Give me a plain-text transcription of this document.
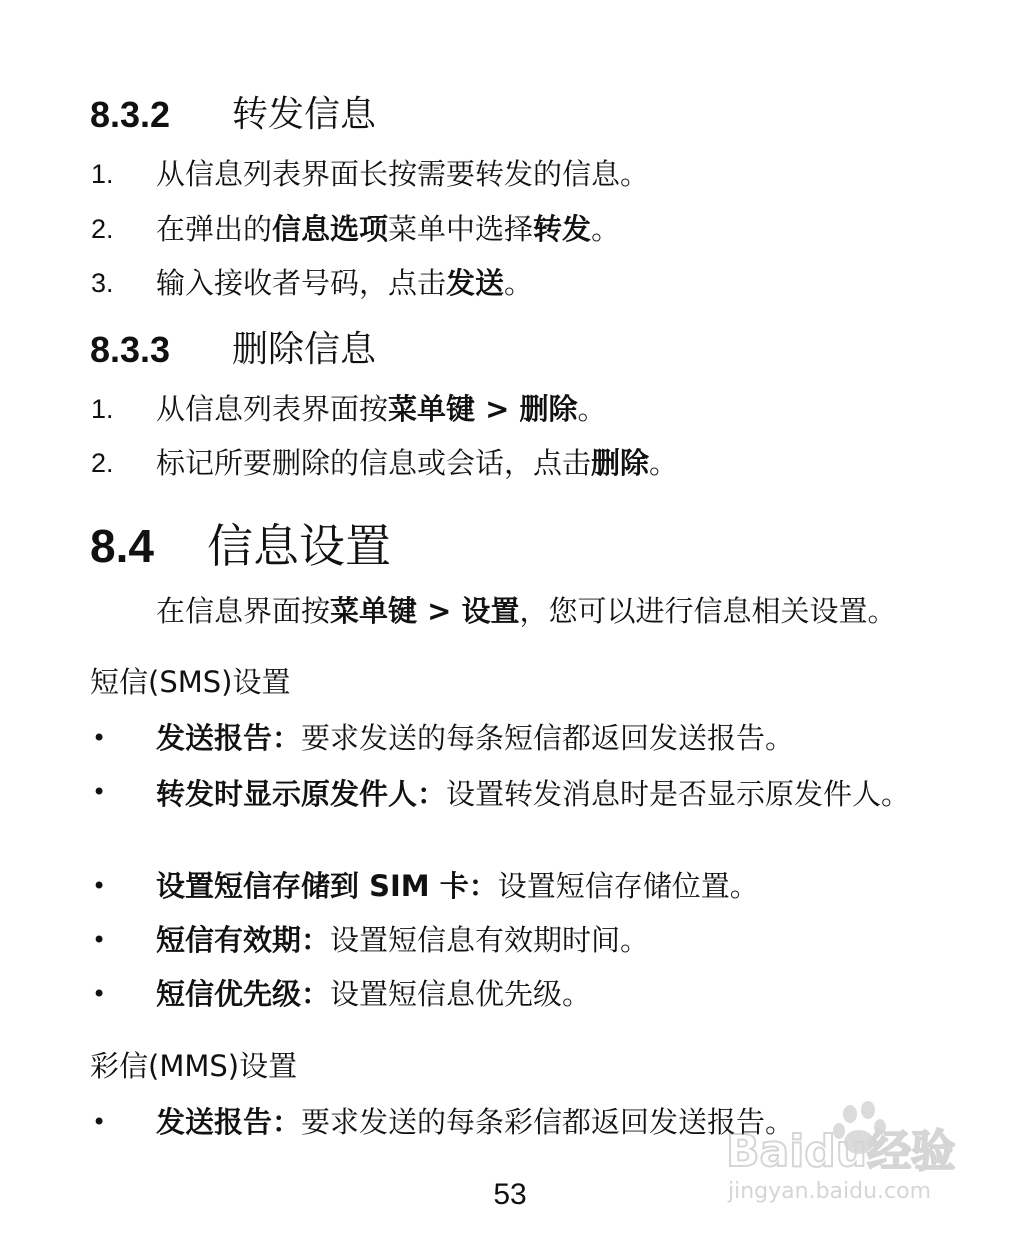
8.3.2 转发信息
1. 从信息列表界面长按需要转发的信息。
2. 在弹出的信息选项菜单中选择转发。
3. 输入接收者号码，点击发送。
8.3.3 删除信息
1. 从信息列表界面按菜单键 > 删除。
2. 标记所要删除的信息或会话，点击删除。
8.4 信息设置
在信息界面按菜单键 > 设置，您可以进行信息相关设置。
短信(SMS)设置
• 发送报告：要求发送的每条短信都返回发送报告。
• 转发时显示原发件人：设置转发消息时是否显示原发件人。
• 设置短信存储到 SIM 卡：设置短信存储位置。
• 短信有效期：设置短信息有效期时间。
• 短信优先级：设置短信息优先级。
彩信(MMS)设置
• 发送报告：要求发送的每条彩信都返回发送报告。
Baidu经验
jingyan.baidu.com
53
